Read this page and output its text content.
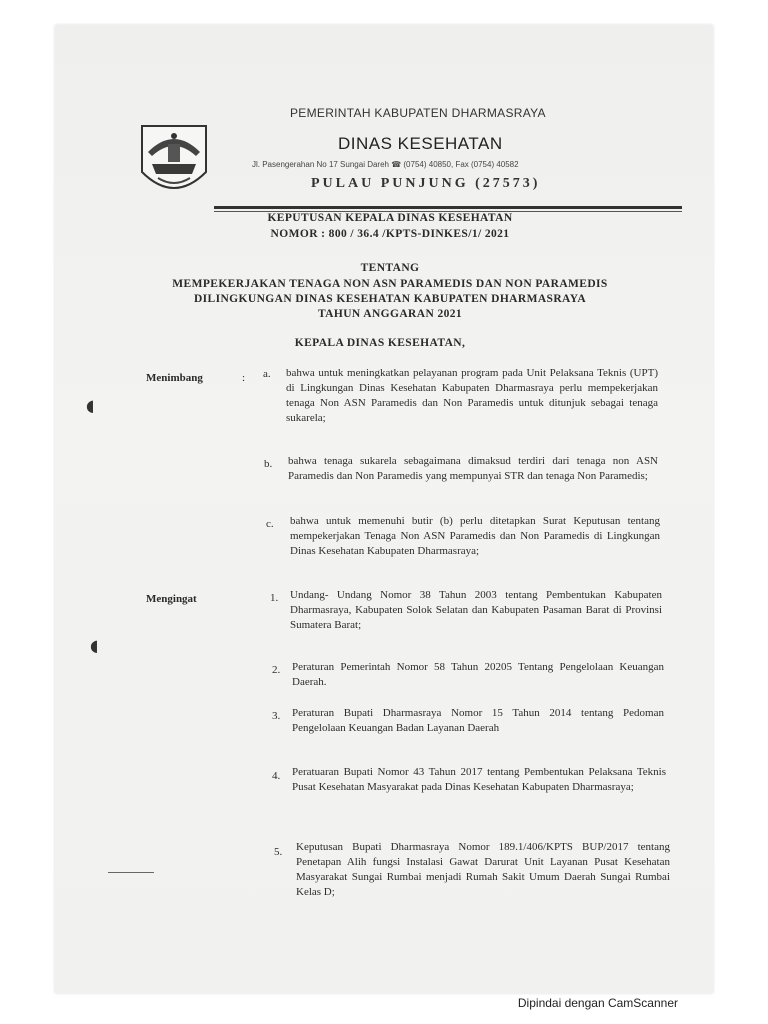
PEMERINTAH KABUPATEN DHARMASRAYA
DINAS KESEHATAN
Jl. Pasengerahan No 17 Sungai Dareh ☎ (0754) 40850, Fax (0754) 40582
PULAU PUNJUNG (27573)
KEPUTUSAN KEPALA DINAS KESEHATAN
NOMOR : 800 / 36.4 /KPTS-DINKES/1/ 2021
TENTANG
MEMPEKERJAKAN TENAGA NON ASN PARAMEDIS DAN NON PARAMEDIS
DILINGKUNGAN DINAS KESEHATAN KABUPATEN DHARMASRAYA
TAHUN ANGGARAN 2021
KEPALA DINAS KESEHATAN,
Menimbang	: a. bahwa untuk meningkatkan pelayanan program pada Unit Pelaksana Teknis (UPT) di Lingkungan Dinas Kesehatan Kabupaten Dharmasraya perlu mempekerjakan tenaga Non ASN Paramedis dan Non Paramedis untuk ditunjuk sebagai tenaga sukarela;
b. bahwa tenaga sukarela sebagaimana dimaksud terdiri dari tenaga non ASN Paramedis dan Non Paramedis yang mempunyai STR dan tenaga Non Paramedis;
c. bahwa untuk memenuhi butir (b) perlu ditetapkan Surat Keputusan tentang mempekerjakan Tenaga Non ASN Paramedis dan Non Paramedis di Lingkungan Dinas Kesehatan Kabupaten Dharmasraya;
Mengingat	1. Undang- Undang Nomor 38 Tahun 2003 tentang Pembentukan Kabupaten Dharmasraya, Kabupaten Solok Selatan dan Kabupaten Pasaman Barat di Provinsi Sumatera Barat;
2. Peraturan Pemerintah Nomor 58 Tahun 20205 Tentang Pengelolaan Keuangan Daerah.
3. Peraturan Bupati Dharmasraya Nomor 15 Tahun 2014 tentang Pedoman Pengelolaan Keuangan Badan Layanan Daerah
4. Peratuaran Bupati Nomor 43 Tahun 2017 tentang Pembentukan Pelaksana Teknis Pusat Kesehatan Masyarakat pada Dinas Kesehatan Kabupaten Dharmasraya;
5. Keputusan Bupati Dharmasraya Nomor 189.1/406/KPTS BUP/2017 tentang Penetapan Alih fungsi Instalasi Gawat Darurat Unit Layanan Pusat Kesehatan Masyarakat Sungai Rumbai menjadi Rumah Sakit Umum Daerah Sungai Rumbai Kelas D;
◖
◖
Dipindai dengan CamScanner
